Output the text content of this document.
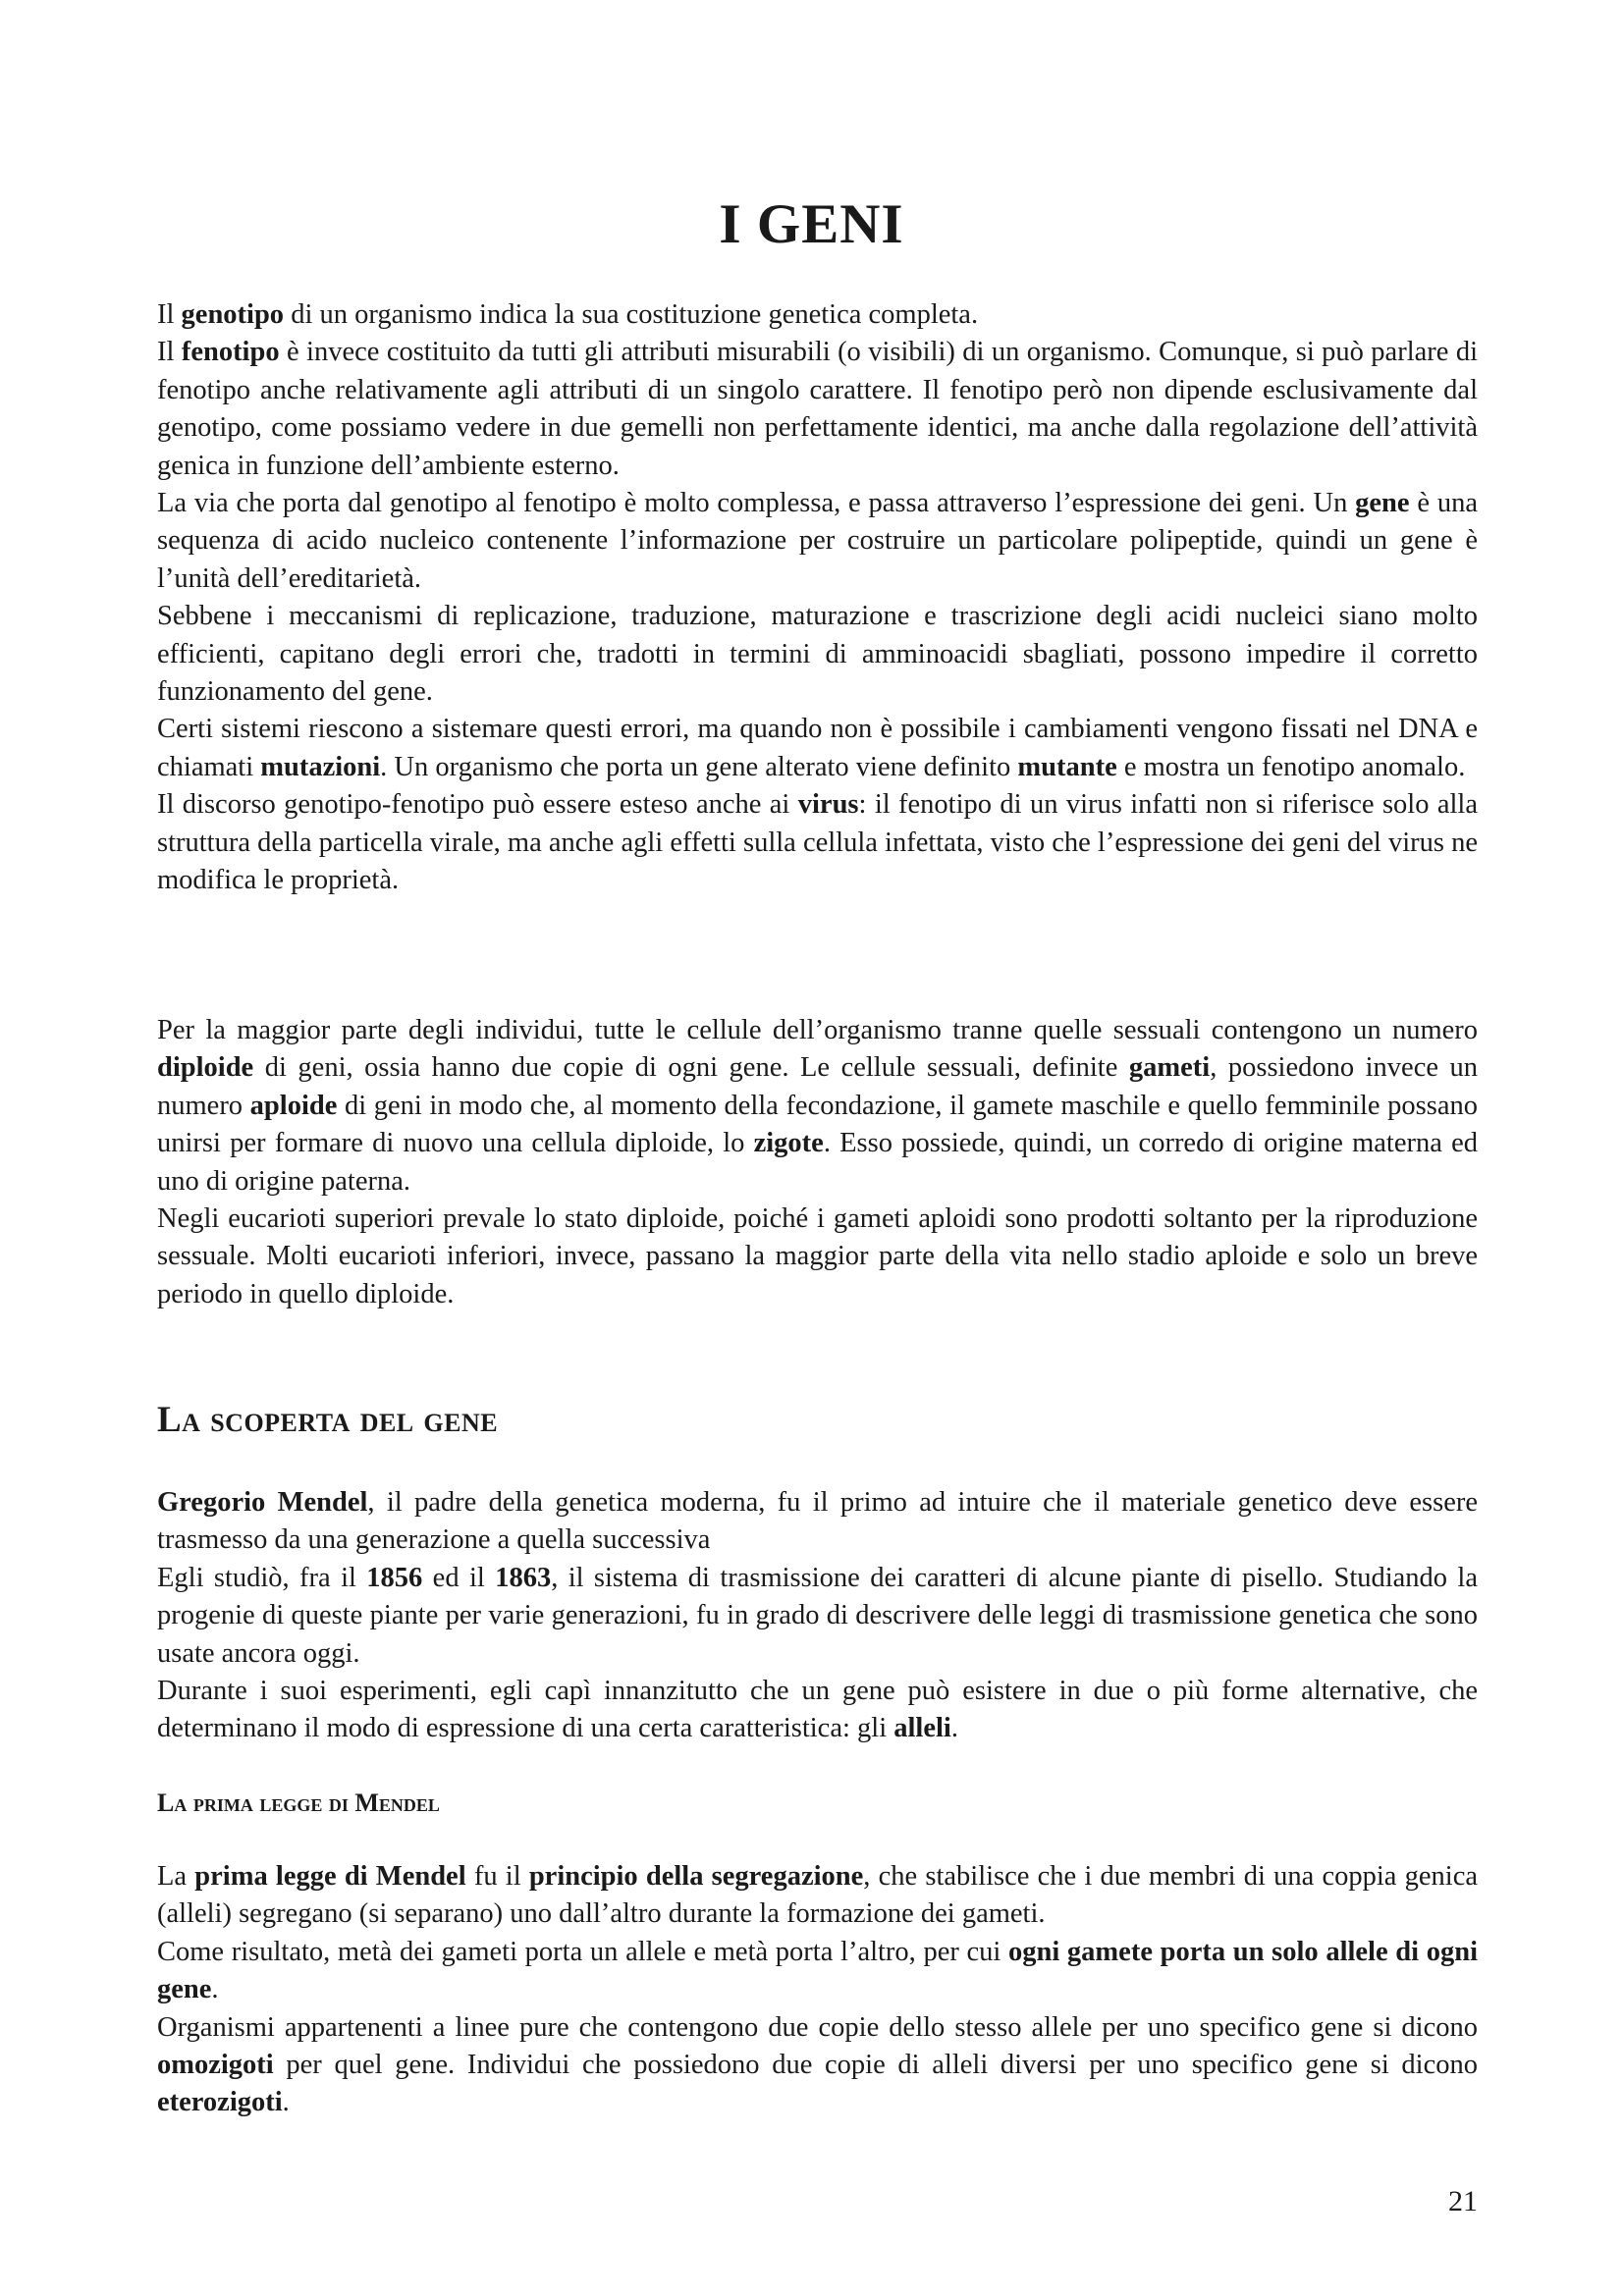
I GENI

Il genotipo di un organismo indica la sua costituzione genetica completa.

Il fenotipo è invece costituito da tutti gli attributi misurabili (o visibili) di un organismo. Comunque, si può parlare di fenotipo anche relativamente agli attributi di un singolo carattere. Il fenotipo però non dipende esclusivamente dal genotipo, come possiamo vedere in due gemelli non perfettamente identici, ma anche dalla regolazione dell’attività genica in funzione dell’ambiente esterno.

La via che porta dal genotipo al fenotipo è molto complessa, e passa attraverso l’espressione dei geni. Un gene è una sequenza di acido nucleico contenente l’informazione per costruire un particolare polipeptide, quindi un gene è l’unità dell’ereditarietà.

Sebbene i meccanismi di replicazione, traduzione, maturazione e trascrizione degli acidi nucleici siano molto efficienti, capitano degli errori che, tradotti in termini di amminoacidi sbagliati, possono impedire il corretto funzionamento del gene.

Certi sistemi riescono a sistemare questi errori, ma quando non è possibile i cambiamenti vengono fissati nel DNA e chiamati mutazioni. Un organismo che porta un gene alterato viene definito mutante e mostra un fenotipo anomalo.

Il discorso genotipo-fenotipo può essere esteso anche ai virus: il fenotipo di un virus infatti non si riferisce solo alla struttura della particella virale, ma anche agli effetti sulla cellula infettata, visto che l’espressione dei geni del virus ne modifica le proprietà.

Per la maggior parte degli individui, tutte le cellule dell’organismo tranne quelle sessuali contengono un numero diploide di geni, ossia hanno due copie di ogni gene. Le cellule sessuali, definite gameti, possiedono invece un numero aploide di geni in modo che, al momento della fecondazione, il gamete maschile e quello femminile possano unirsi per formare di nuovo una cellula diploide, lo zigote. Esso possiede, quindi, un corredo di origine materna ed uno di origine paterna.

Negli eucarioti superiori prevale lo stato diploide, poiché i gameti aploidi sono prodotti soltanto per la riproduzione sessuale. Molti eucarioti inferiori, invece, passano la maggior parte della vita nello stadio aploide e solo un breve periodo in quello diploide.

La scoperta del gene

Gregorio Mendel, il padre della genetica moderna, fu il primo ad intuire che il materiale genetico deve essere trasmesso da una generazione a quella successiva

Egli studiò, fra il 1856 ed il 1863, il sistema di trasmissione dei caratteri di alcune piante di pisello. Studiando la progenie di queste piante per varie generazioni, fu in grado di descrivere delle leggi di trasmissione genetica che sono usate ancora oggi.

Durante i suoi esperimenti, egli capì innanzitutto che un gene può esistere in due o più forme alternative, che determinano il modo di espressione di una certa caratteristica: gli alleli.

La prima legge di Mendel

La prima legge di Mendel fu il principio della segregazione, che stabilisce che i due membri di una coppia genica (alleli) segregano (si separano) uno dall’altro durante la formazione dei gameti.

Come risultato, metà dei gameti porta un allele e metà porta l’altro, per cui ogni gamete porta un solo allele di ogni gene.

Organismi appartenenti a linee pure che contengono due copie dello stesso allele per uno specifico gene si dicono omozigoti per quel gene. Individui che possiedono due copie di alleli diversi per uno specifico gene si dicono eterozigoti.

21
